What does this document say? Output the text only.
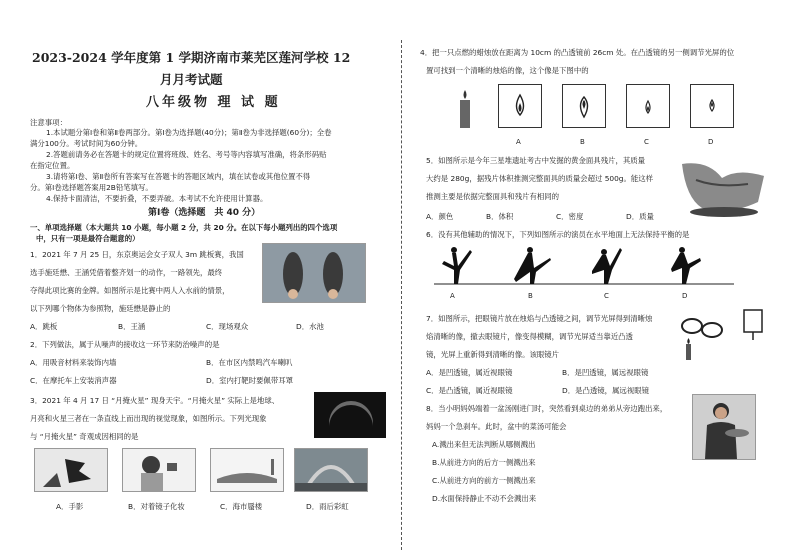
2023-2024 学年度第 1 学期济南市莱芜区莲河学校 12
月月考试题
八年级物 理 试 题
注意事项：
1.本试题分第Ⅰ卷和第Ⅱ卷两部分。第Ⅰ卷为选择题(40分)；第Ⅱ卷为非选择题(60分)；全卷
满分100分。考试时间为60分钟。
2.答题前请务必在答题卡的规定位置将班级、姓名、考号等内容填写准确，将条形码贴
在指定位置。
3.请将第Ⅰ卷、第Ⅱ卷所有答案写在答题卡的答题区域内，填在试卷或其他位置不得
分。第Ⅰ卷选择题答案用2B铅笔填写。
4.保持卡面清洁，不要折叠，不要弄破。本考试不允许使用计算器。
第Ⅰ卷（选择题　共 40 分）
一、单项选择题（本大题共 10 小题，每小题 2 分，共 20 分。在以下每小题列出的四个选项
中，只有一项是最符合题意的）
1．2021 年 7 月 25 日，东京奥运会女子双人 3m 跳板赛，我国
选手施廷懋、王涵凭借着整齐划一的动作，一路领先，最终
夺得此项比赛的金牌。如图所示是比赛中两人入水前的情景，
以下列哪个物体为参照物，施廷懋是静止的
A．跳板	B．王涵	C．现场观众	D．水池
2．下列做法，属于从噪声的接收这一环节来防治噪声的是
A．用吸音材料来装饰内墙	B．在市区内禁鸣汽车喇叭
C．在摩托车上安装消声器	D．室内打靶时要佩带耳罩
3．2021 年 4 月 17 日 “月掩火星” 现身天宇。“月掩火星” 实际上是地球、
月亮和火星三者在一条直线上而出现的视觉现象，如图所示。下列光现象
与 “月掩火星” 奇观成因相同的是
A．手影	B．对着镜子化妆	C．海市蜃楼	D．雨后彩虹
4．把一只点燃的蜡烛放在距离为 10cm 的凸透镜前 26cm 处。在凸透镜的另一侧调节光屏的位
置可找到一个清晰的烛焰的像，这个像是下图中的
A	B	C	D
5．如图所示是今年三星堆遗址考古中发掘的黄金面具残片，其质量
大约是 280g，据残片体积推测完整面具的质量会超过 500g。能这样
推测主要是依据完整面具和残片有相同的
A．颜色	B．体积	C．密度	D．质量
6．没有其他辅助的情况下，下列如图所示的演员在水平地面上无法保持平衡的是
A	B	C	D
7．如图所示，把眼镜片放在烛焰与凸透镜之间，调节光屏得到清晰烛
焰清晰的像，撤去眼镜片，像变得模糊，调节光屏适当靠近凸透
镜，光屏上重新得到清晰的像。该眼镜片
A．是凹透镜，属近视眼镜	B．是凹透镜，属远视眼镜
C．是凸透镜，属近视眼镜	D．是凸透镜，属远视眼镜
8．当小明妈妈端着一盆汤刚进门时，突然看到桌边的弟弟从旁边跑出来，
妈妈一个急刹车。此时，盆中的菜汤可能会
A.溅出来但无法判断从哪侧溅出
B.从前进方向的后方一侧溅出来
C.从前进方向的前方一侧溅出来
D.水面保持静止不动不会溅出来
